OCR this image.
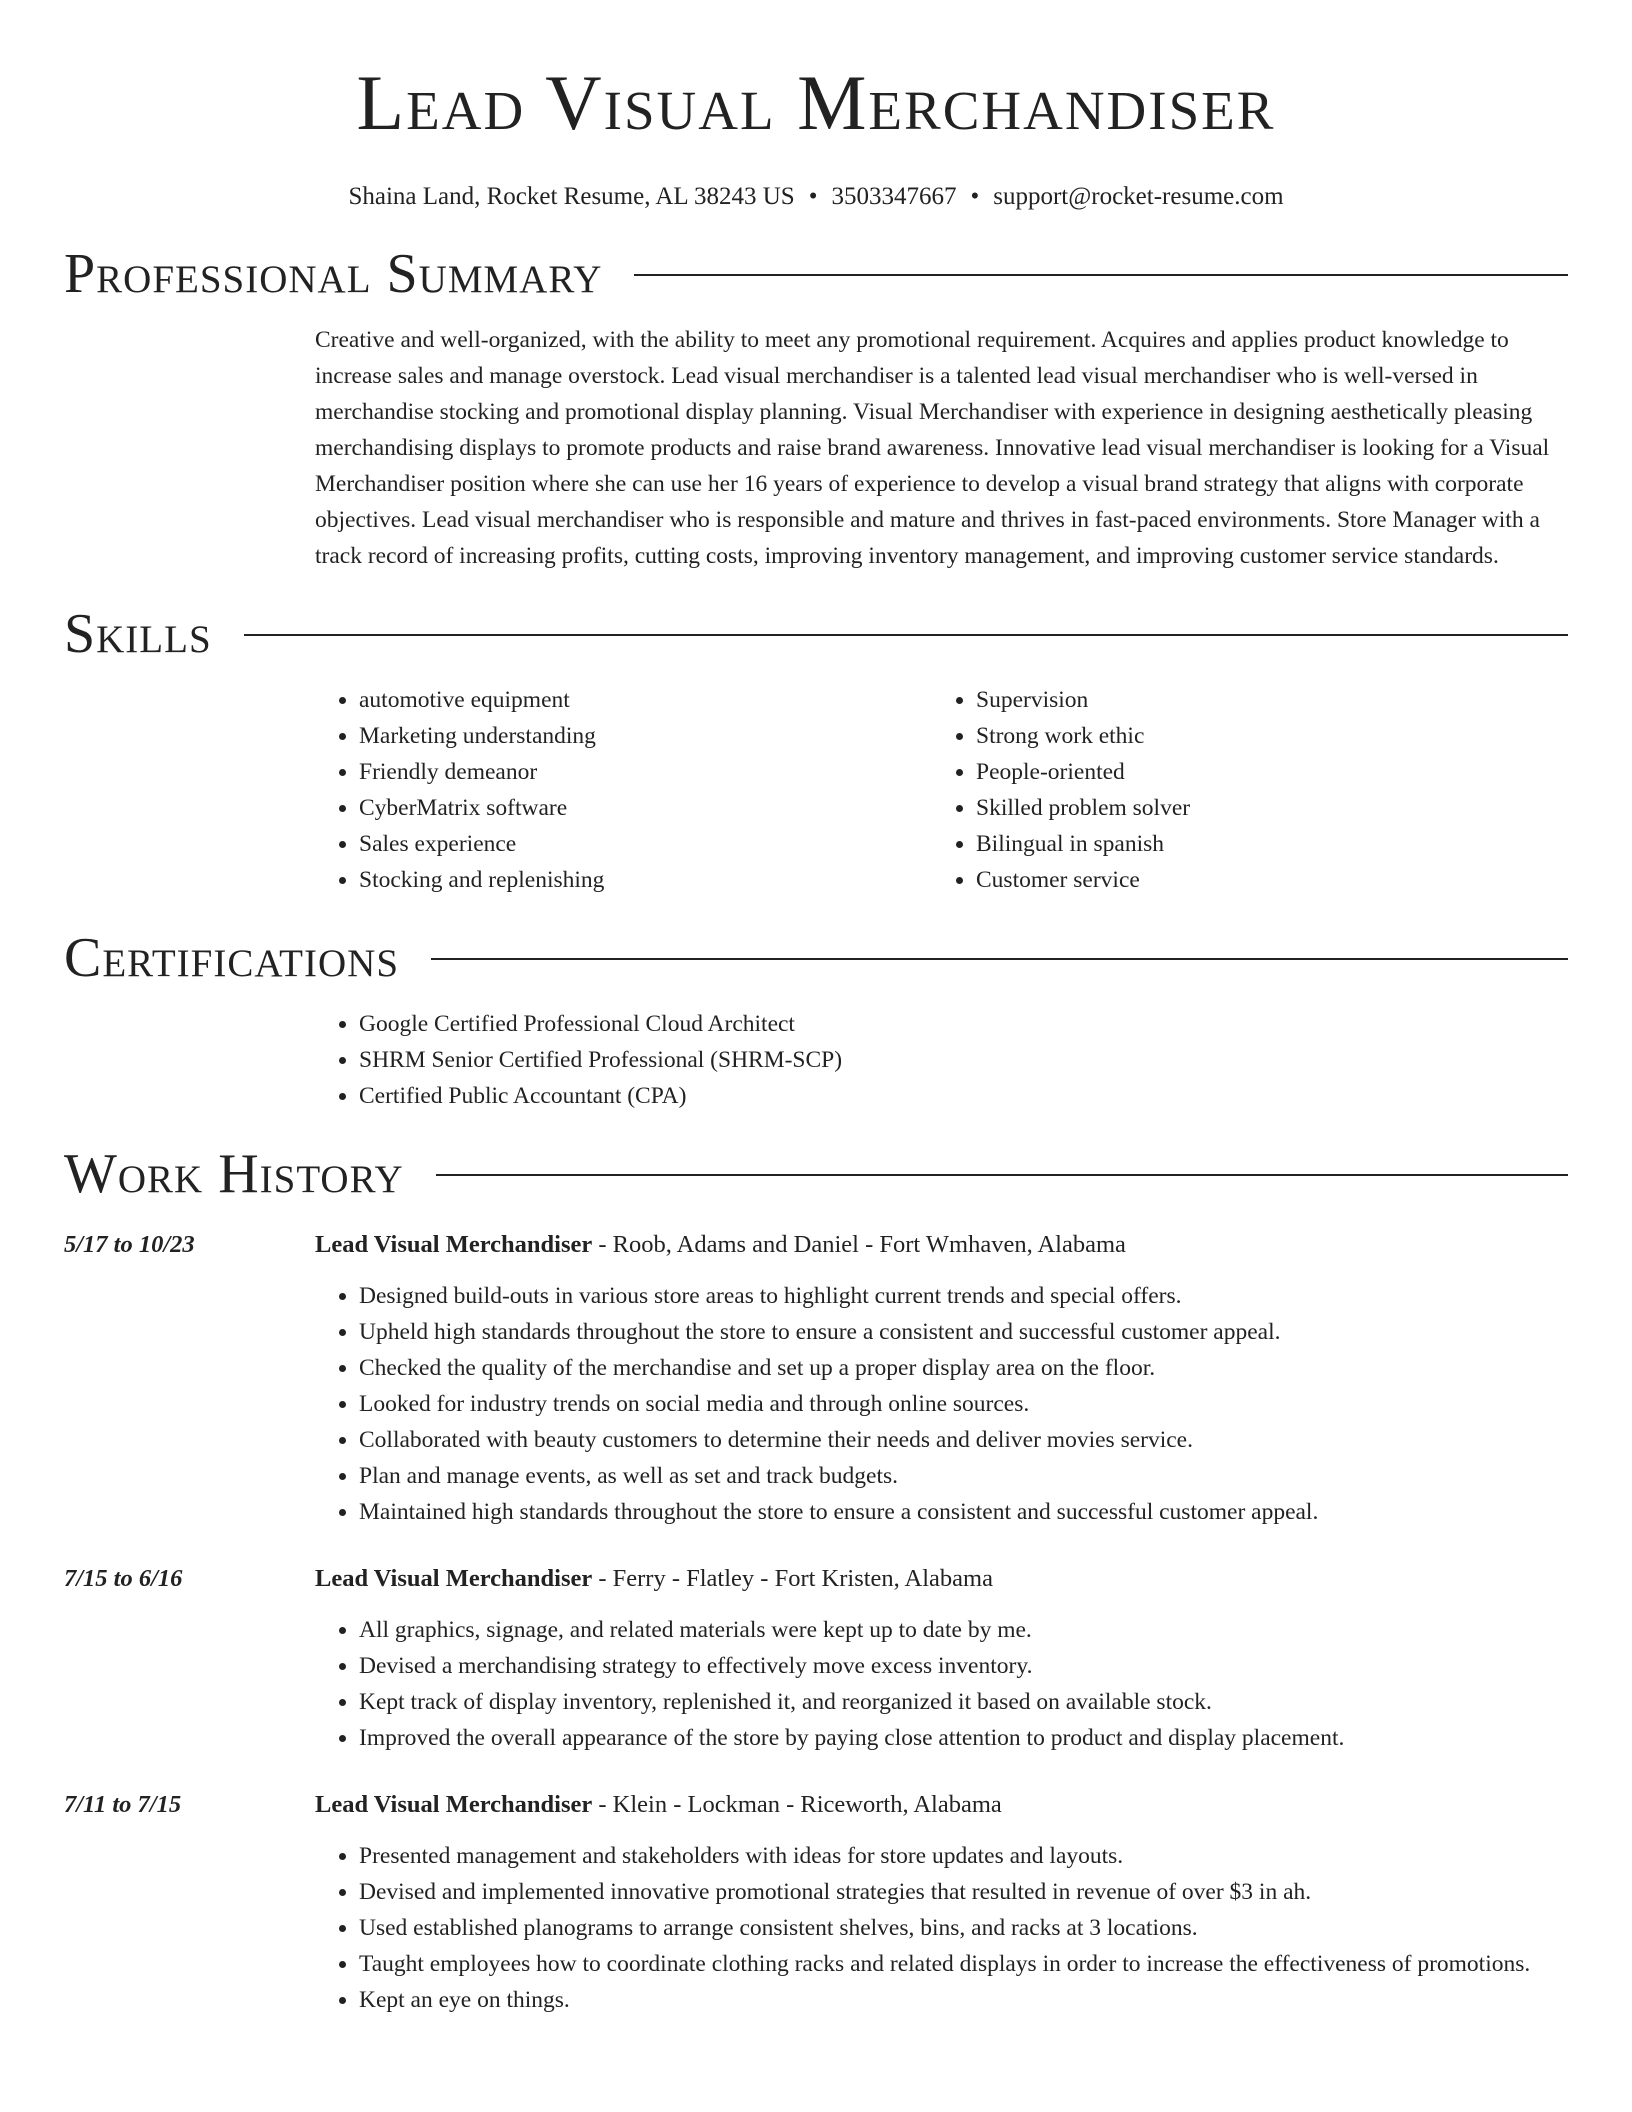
Lead Visual Merchandiser
Shaina Land, Rocket Resume, AL 38243 US • 3503347667 • support@rocket-resume.com
Professional Summary

Creative and well-organized, with the ability to meet any promotional requirement. Acquires and applies product knowledge to increase sales and manage overstock. Lead visual merchandiser is a talented lead visual merchandiser who is well-versed in merchandise stocking and promotional display planning. Visual Merchandiser with experience in designing aesthetically pleasing merchandising displays to promote products and raise brand awareness. Innovative lead visual merchandiser is looking for a Visual Merchandiser position where she can use her 16 years of experience to develop a visual brand strategy that aligns with corporate objectives. Lead visual merchandiser who is responsible and mature and thrives in fast-paced environments. Store Manager with a track record of increasing profits, cutting costs, improving inventory management, and improving customer service standards.

Skills
• automotive equipment
• Marketing understanding
• Friendly demeanor
• CyberMatrix software
• Sales experience
• Stocking and replenishing
• Supervision
• Strong work ethic
• People-oriented
• Skilled problem solver
• Bilingual in spanish
• Customer service
Certifications
• Google Certified Professional Cloud Architect
• SHRM Senior Certified Professional (SHRM-SCP)
• Certified Public Accountant (CPA)
Work History
5/17 to 10/23	Lead Visual Merchandiser - Roob, Adams and Daniel - Fort Wmhaven, Alabama
• Designed build-outs in various store areas to highlight current trends and special offers.
• Upheld high standards throughout the store to ensure a consistent and successful customer appeal.
• Checked the quality of the merchandise and set up a proper display area on the floor.
• Looked for industry trends on social media and through online sources.
• Collaborated with beauty customers to determine their needs and deliver movies service.
• Plan and manage events, as well as set and track budgets.
• Maintained high standards throughout the store to ensure a consistent and successful customer appeal.
7/15 to 6/16	Lead Visual Merchandiser - Ferry - Flatley - Fort Kristen, Alabama
• All graphics, signage, and related materials were kept up to date by me.
• Devised a merchandising strategy to effectively move excess inventory.
• Kept track of display inventory, replenished it, and reorganized it based on available stock.
• Improved the overall appearance of the store by paying close attention to product and display placement.
7/11 to 7/15	Lead Visual Merchandiser - Klein - Lockman - Riceworth, Alabama
• Presented management and stakeholders with ideas for store updates and layouts.
• Devised and implemented innovative promotional strategies that resulted in revenue of over $3 in ah.
• Used established planograms to arrange consistent shelves, bins, and racks at 3 locations.
• Taught employees how to coordinate clothing racks and related displays in order to increase the effectiveness of promotions.
• Kept an eye on things.
